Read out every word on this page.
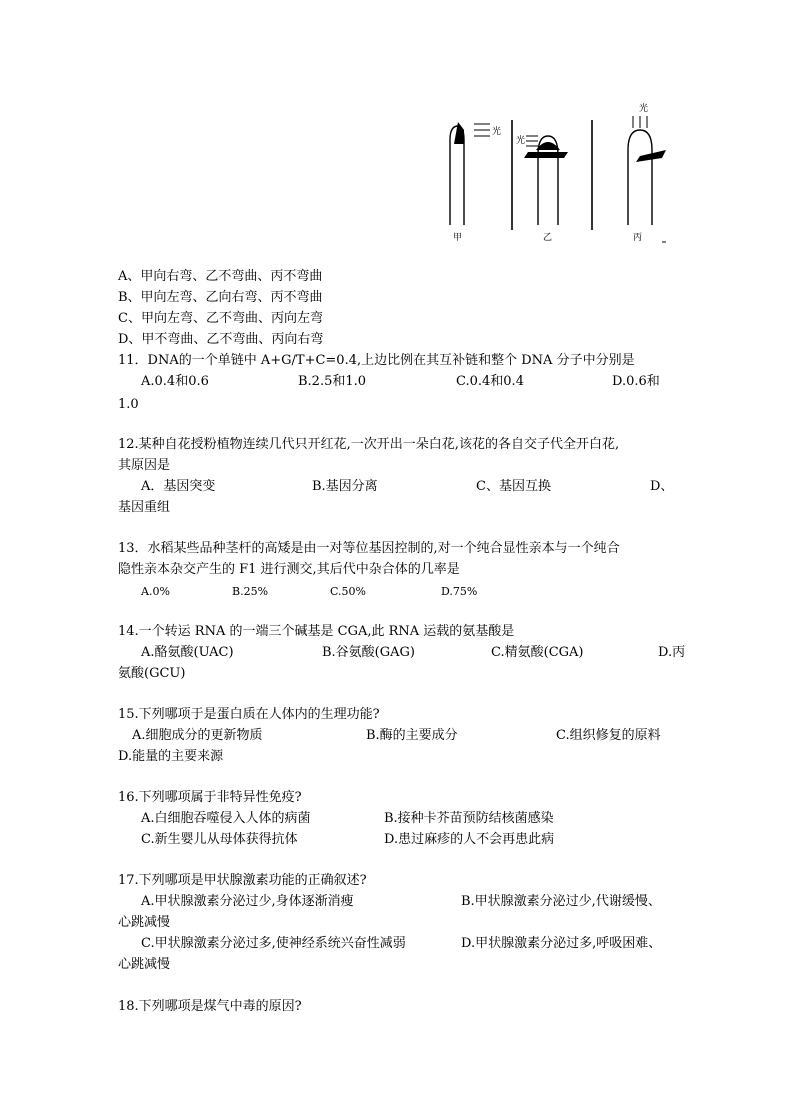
光
甲
光
乙
光
丙
A、甲向右弯、乙不弯曲、丙不弯曲
B、甲向左弯、乙向右弯、丙不弯曲
C、甲向左弯、乙不弯曲、丙向左弯
D、甲不弯曲、乙不弯曲、丙向右弯
11．DNA的一个单链中 A+G/T+C=0.4,上边比例在其互补链和整个 DNA 分子中分别是
A.0.4和0.6	B.2.5和1.0	C.0.4和0.4	D.0.6和
1.0
12.某种自花授粉植物连续几代只开红花,一次开出一朵白花,该花的各自交子代全开白花,
其原因是
A．基因突变	B.基因分离	C、基因互换	D、
基因重组
13．水稻某些品种茎杆的高矮是由一对等位基因控制的,对一个纯合显性亲本与一个纯合
隐性亲本杂交产生的 F1 进行测交,其后代中杂合体的几率是
A.0%	B.25%	C.50%	D.75%
14.一个转运 RNA 的一端三个碱基是 CGA,此 RNA 运载的氨基酸是
A.酪氨酸(UAC)	B.谷氨酸(GAG)	C.精氨酸(CGA)	D.丙
氨酸(GCU)
15.下列哪项于是蛋白质在人体内的生理功能?
A.细胞成分的更新物质	B.酶的主要成分	C.组织修复的原料
D.能量的主要来源
16.下列哪项属于非特异性免疫?
A.白细胞吞噬侵入人体的病菌	B.接种卡芥苗预防结核菌感染
C.新生婴儿从母体获得抗体	D.患过麻疹的人不会再患此病
17.下列哪项是甲状腺激素功能的正确叙述?
A.甲状腺激素分泌过少,身体逐渐消瘦	B.甲状腺激素分泌过少,代谢缓慢、
心跳减慢
C.甲状腺激素分泌过多,使神经系统兴奋性减弱	D.甲状腺激素分泌过多,呼吸困难、
心跳减慢
18.下列哪项是煤气中毒的原因?
